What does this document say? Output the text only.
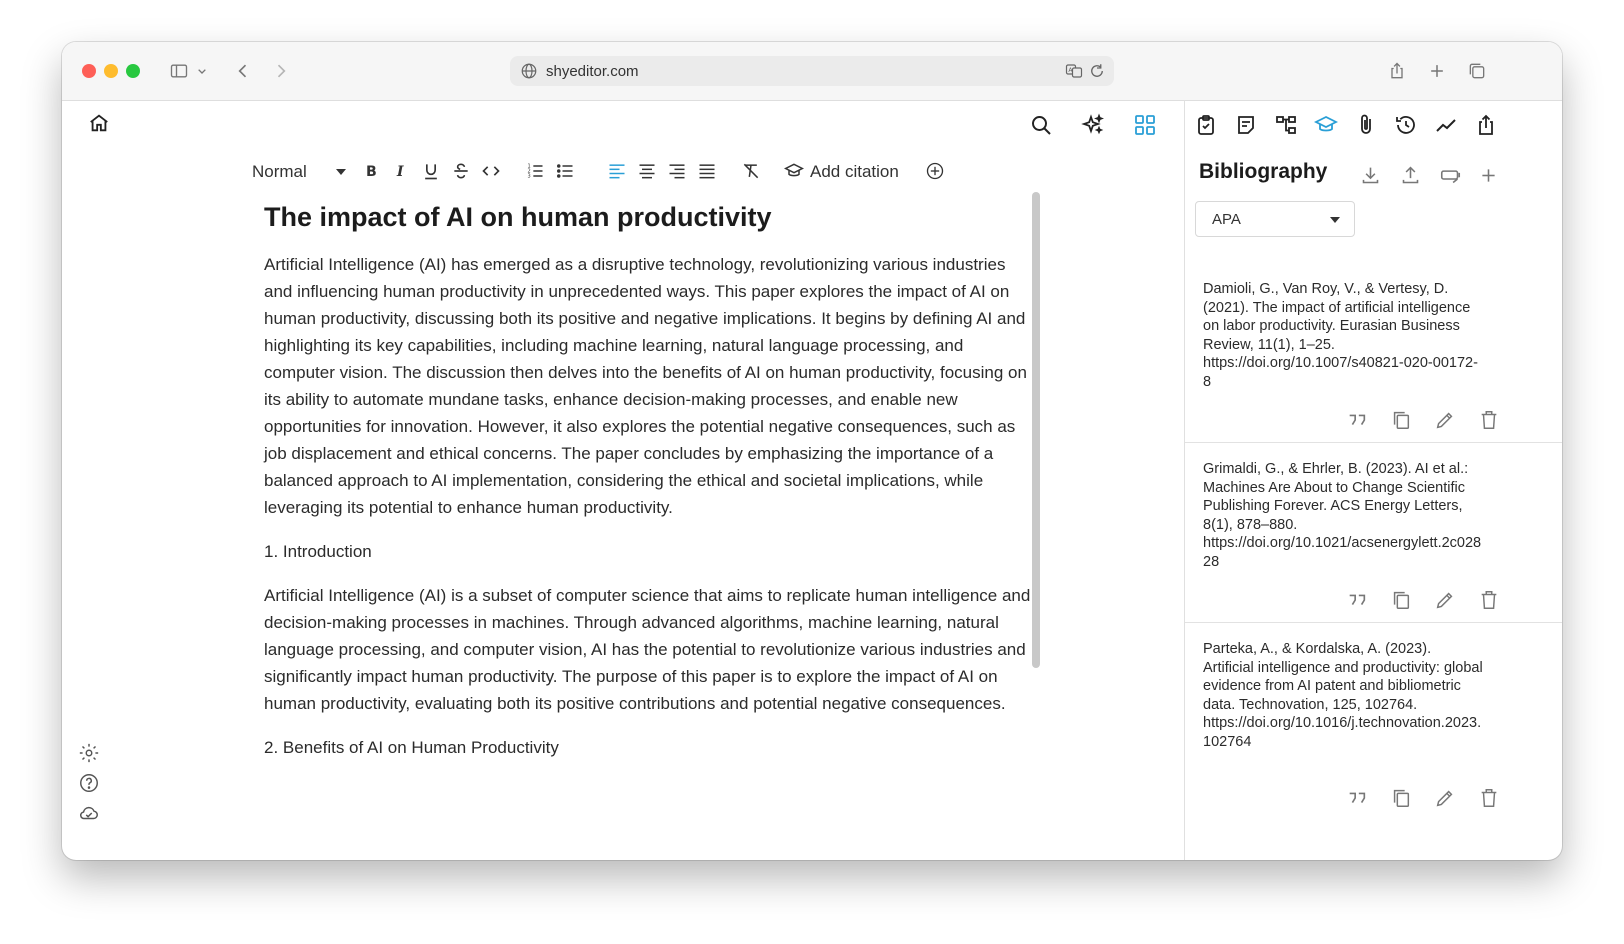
shyeditor.com	A
Normal	B I	1
2
3	Add citation
The impact of AI on human productivity

Artificial Intelligence (AI) has emerged as a disruptive technology, revolutionizing various industries and influencing human productivity in unprecedented ways. This paper explores the impact of AI on human productivity, discussing both its positive and negative implications. It begins by defining AI and highlighting its key capabilities, including machine learning, natural language processing, and computer vision. The discussion then delves into the benefits of AI on human productivity, focusing on its ability to automate mundane tasks, enhance decision-making processes, and enable new opportunities for innovation. However, it also explores the potential negative consequences, such as job displacement and ethical concerns. The paper concludes by emphasizing the importance of a balanced approach to AI implementation, considering the ethical and societal implications, while leveraging its potential to enhance human productivity.

1. Introduction

Artificial Intelligence (AI) is a subset of computer science that aims to replicate human intelligence and decision-making processes in machines. Through advanced algorithms, machine learning, natural language processing, and computer vision, AI has the potential to revolutionize various industries and significantly impact human productivity. The purpose of this paper is to explore the impact of AI on human productivity, evaluating both its positive contributions and potential negative consequences.

2. Benefits of AI on Human Productivity

Bibliography
APA
Damioli, G., Van Roy, V., & Vertesy, D. (2021). The impact of artificial intelligence on labor productivity. Eurasian Business Review, 11(1), 1–25. https://doi.org/10.1007/s40821-020-00172-8
Grimaldi, G., & Ehrler, B. (2023). AI et al.: Machines Are About to Change Scientific Publishing Forever. ACS Energy Letters, 8(1), 878–880. https://doi.org/10.1021/acsenergylett.2c02828
Parteka, A., & Kordalska, A. (2023). Artificial intelligence and productivity: global evidence from AI patent and bibliometric data. Technovation, 125, 102764. https://doi.org/10.1016/j.technovation.2023.102764
